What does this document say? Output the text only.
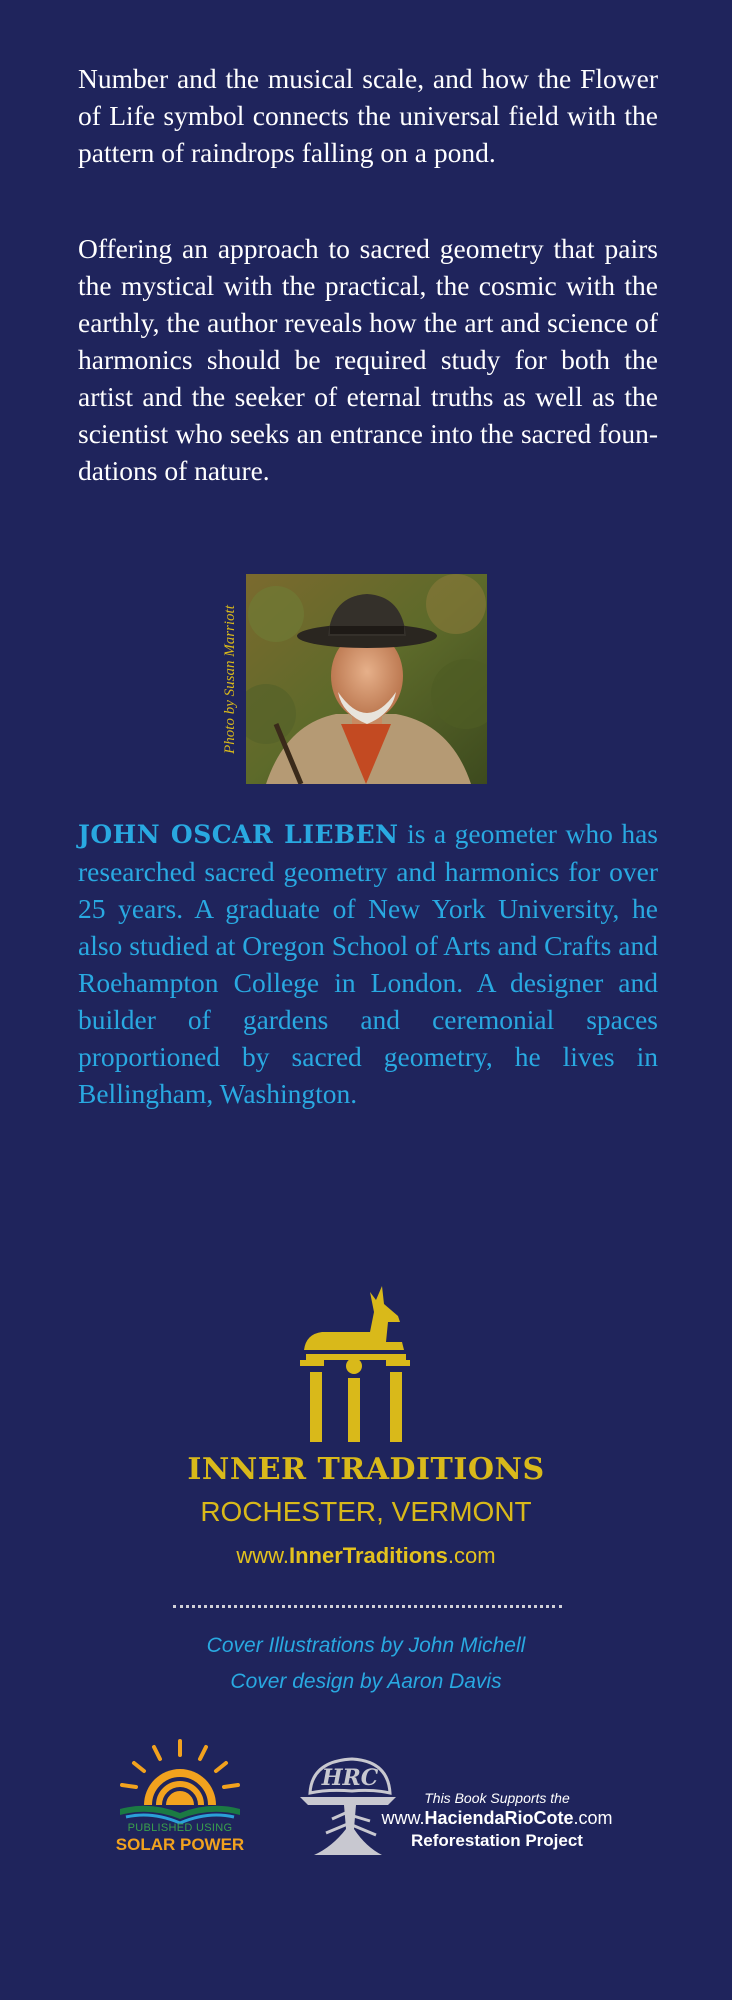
Number and the musical scale, and how the Flower of Life symbol connects the universal field with the pattern of raindrops falling on a pond.

Offering an approach to sacred geometry that pairs the mystical with the practical, the cosmic with the earthly, the author reveals how the art and science of harmonics should be required study for both the artist and the seeker of eternal truths as well as the scientist who seeks an entrance into the sacred foundations of nature.

Photo by Susan Marriott

JOHN OSCAR LIEBEN is a geometer who has researched sacred geometry and harmonics for over 25 years. A graduate of New York University, he also studied at Oregon School of Arts and Crafts and Roehampton College in London. A designer and builder of gardens and ceremonial spaces proportioned by sacred geometry, he lives in Bellingham, Washington.

INNER TRADITIONS
ROCHESTER, VERMONT
www.InnerTraditions.com
Cover Illustrations by John Michell
Cover design by Aaron Davis
PUBLISHED USING
SOLAR POWER
HRC
This Book Supports the
www.HaciendaRioCote.com
Reforestation Project
